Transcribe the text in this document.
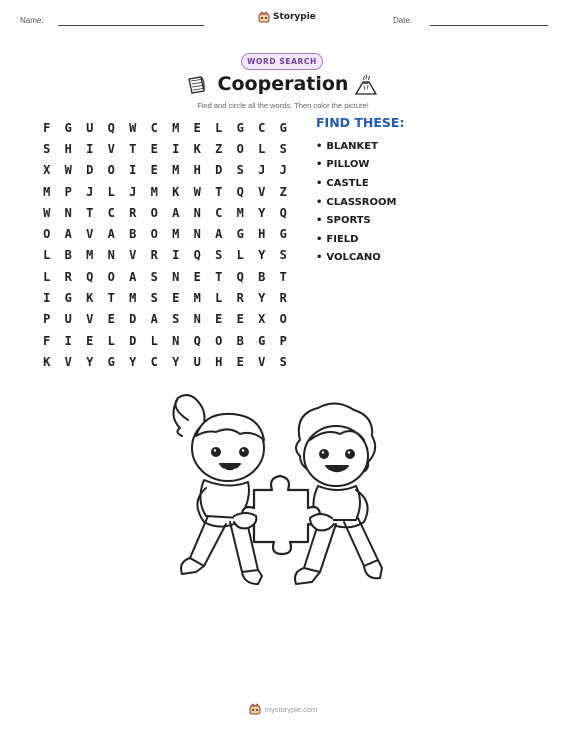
Name:	Storypie	Date:
WORD SEARCH
Cooperation
Find and circle all the words. Then color the picture!
F	G	U	Q	W	C	M	E	L	G	C	G
S	H	I	V	T	E	I	K	Z	O	L	S
X	W	D	O	I	E	M	H	D	S	J	J
M	P	J	L	J	M	K	W	T	Q	V	Z
W	N	T	C	R	O	A	N	C	M	Y	Q
O	A	V	A	B	O	M	N	A	G	H	G
L	B	M	N	V	R	I	Q	S	L	Y	S
L	R	Q	O	A	S	N	E	T	Q	B	T
I	G	K	T	M	S	E	M	L	R	Y	R
P	U	V	E	D	A	S	N	E	E	X	O
F	I	E	L	D	L	N	Q	O	B	G	P
K	V	Y	G	Y	C	Y	U	H	E	V	S
FIND THESE:
• BLANKET
• PILLOW
• CASTLE
• CLASSROOM
• SPORTS
• FIELD
• VOLCANO
mystorypie.com
